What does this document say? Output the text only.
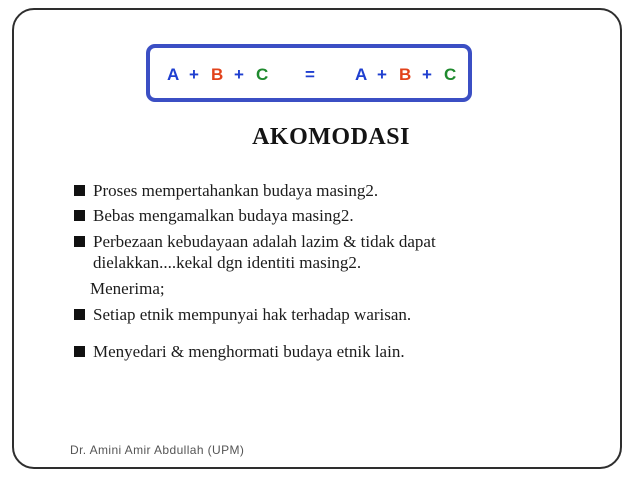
A + B + C = A + B + C
AKOMODASI
Proses mempertahankan budaya masing2.
Bebas mengamalkan budaya masing2.
Perbezaan kebudayaan adalah lazim & tidak dapat dielakkan....kekal dgn identiti masing2.
Menerima;
Setiap etnik mempunyai hak terhadap warisan.
Menyedari & menghormati budaya etnik lain.
Dr. Amini Amir Abdullah (UPM)
